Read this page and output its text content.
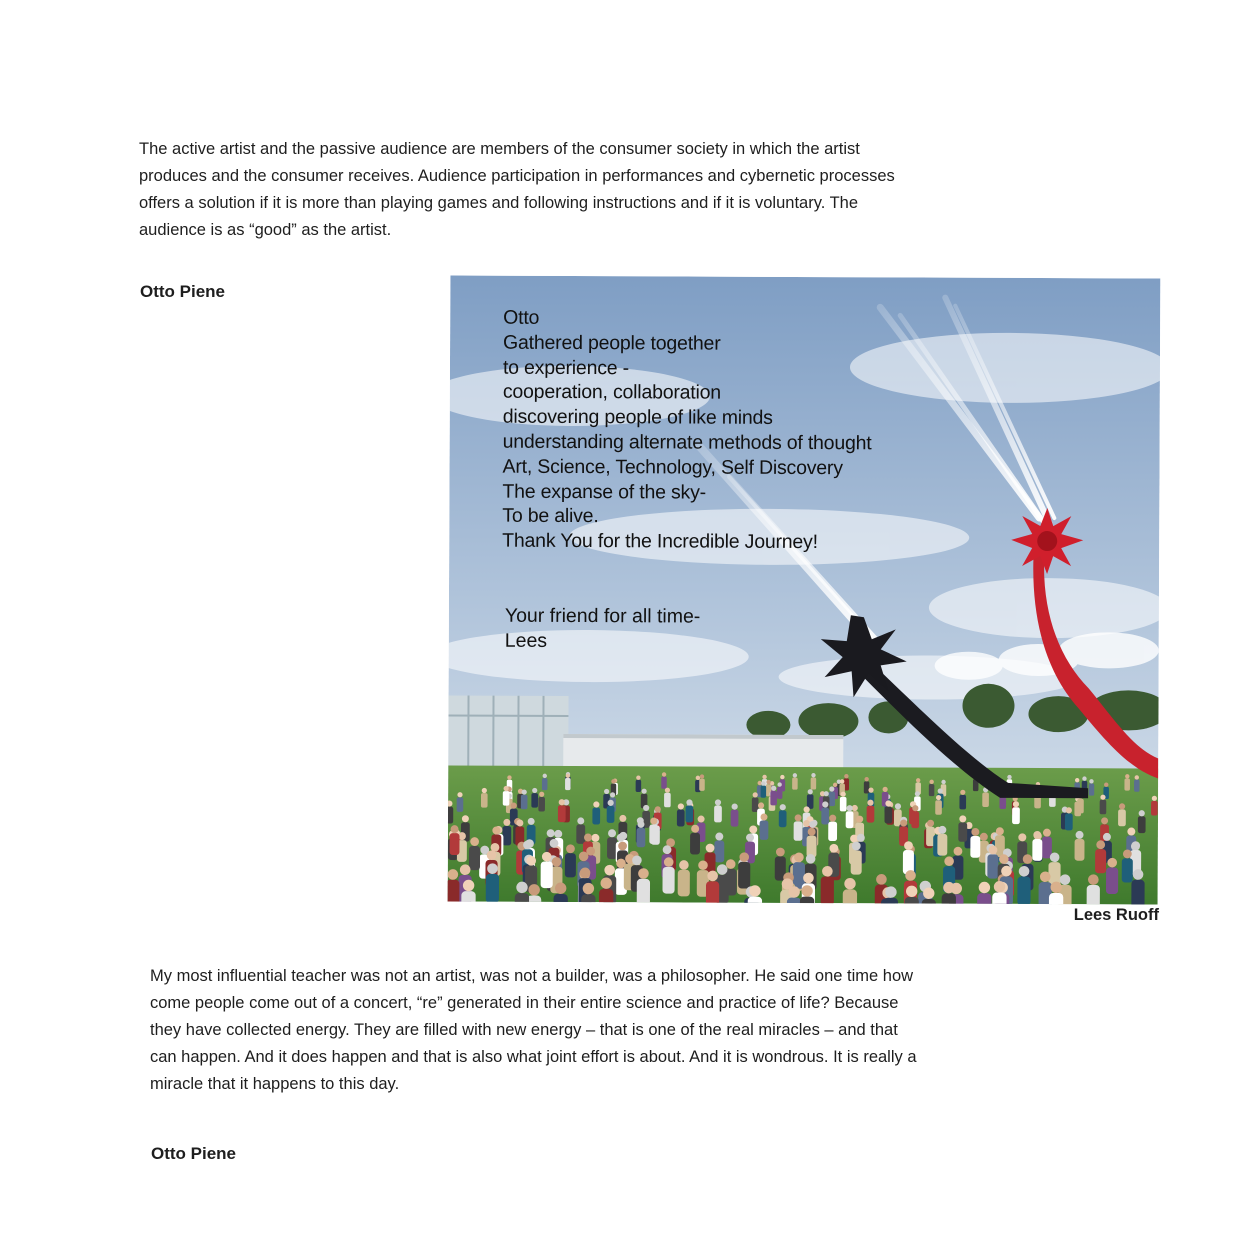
The active artist and the passive audience are members of the consumer society in which the artist
produces and the consumer receives. Audience participation in performances and cybernetic processes
offers a solution if it is more than playing games and following instructions and if it is voluntary. The
audience is as “good” as the artist.

Otto Piene

Otto
Gathered people together
to experience -
cooperation, collaboration
discovering people of like minds
understanding alternate methods of thought
Art, Science, Technology, Self Discovery
The expanse of the sky-
To be alive.
Thank You for the Incredible Journey!

Your friend for all time-
Lees

Lees Ruoff

My most influential teacher was not an artist, was not a builder, was a philosopher. He said one time how
come people come out of a concert, “re” generated in their entire science and practice of life? Because
they have collected energy. They are filled with new energy – that is one of the real miracles – and that
can happen. And it does happen and that is also what joint effort is about. And it is wondrous. It is really a
miracle that it happens to this day.

Otto Piene
